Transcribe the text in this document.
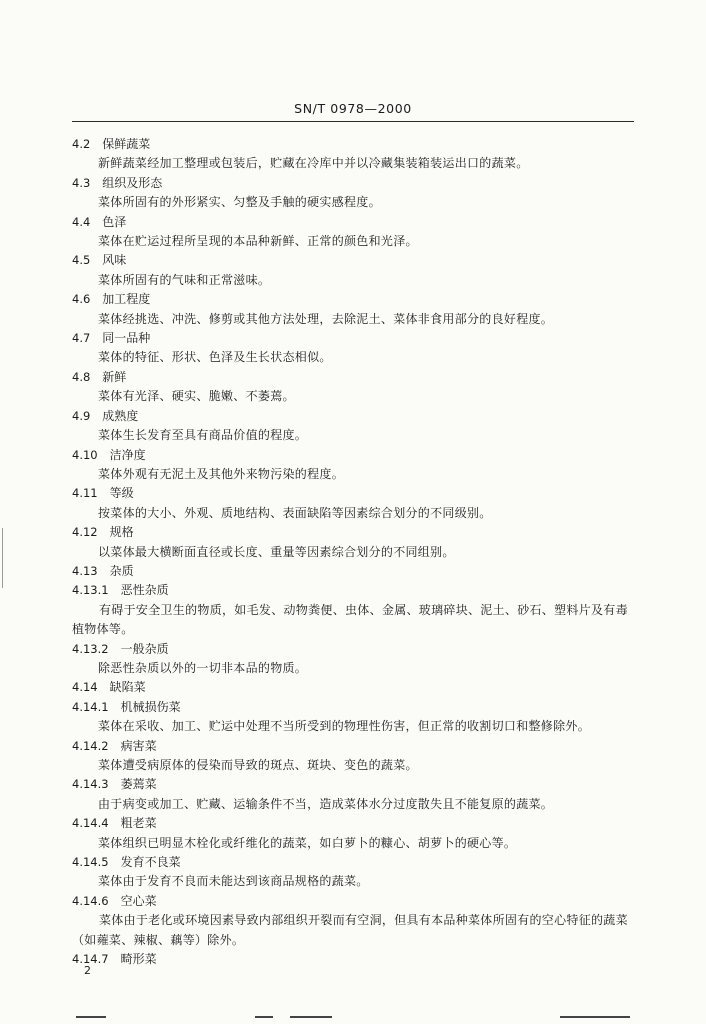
SN/T 0978—2000
4.2 保鲜蔬菜
新鲜蔬菜经加工整理或包装后，贮藏在冷库中并以冷藏集装箱装运出口的蔬菜。
4.3 组织及形态
菜体所固有的外形紧实、匀整及手触的硬实感程度。
4.4 色泽
菜体在贮运过程所呈现的本品种新鲜、正常的颜色和光泽。
4.5 风味
菜体所固有的气味和正常滋味。
4.6 加工程度
菜体经挑选、冲洗、修剪或其他方法处理，去除泥土、菜体非食用部分的良好程度。
4.7 同一品种
菜体的特征、形状、色泽及生长状态相似。
4.8 新鲜
菜体有光泽、硬实、脆嫩、不萎蔫。
4.9 成熟度
菜体生长发育至具有商品价值的程度。
4.10 洁净度
菜体外观有无泥土及其他外来物污染的程度。
4.11 等级
按菜体的大小、外观、质地结构、表面缺陷等因素综合划分的不同级别。
4.12 规格
以菜体最大横断面直径或长度、重量等因素综合划分的不同组别。
4.13 杂质
4.13.1 恶性杂质
有碍于安全卫生的物质，如毛发、动物粪便、虫体、金属、玻璃碎块、泥土、砂石、塑料片及有毒植物体等。
4.13.2 一般杂质
除恶性杂质以外的一切非本品的物质。
4.14 缺陷菜
4.14.1 机械损伤菜
菜体在采收、加工、贮运中处理不当所受到的物理性伤害，但正常的收割切口和整修除外。
4.14.2 病害菜
菜体遭受病原体的侵染而导致的斑点、斑块、变色的蔬菜。
4.14.3 萎蔫菜
由于病变或加工、贮藏、运输条件不当，造成菜体水分过度散失且不能复原的蔬菜。
4.14.4 粗老菜
菜体组织已明显木栓化或纤维化的蔬菜，如白萝卜的糠心、胡萝卜的硬心等。
4.14.5 发育不良菜
菜体由于发育不良而未能达到该商品规格的蔬菜。
4.14.6 空心菜
菜体由于老化或环境因素导致内部组织开裂而有空洞，但具有本品种菜体所固有的空心特征的蔬菜（如蕹菜、辣椒、藕等）除外。
4.14.7 畸形菜
2
